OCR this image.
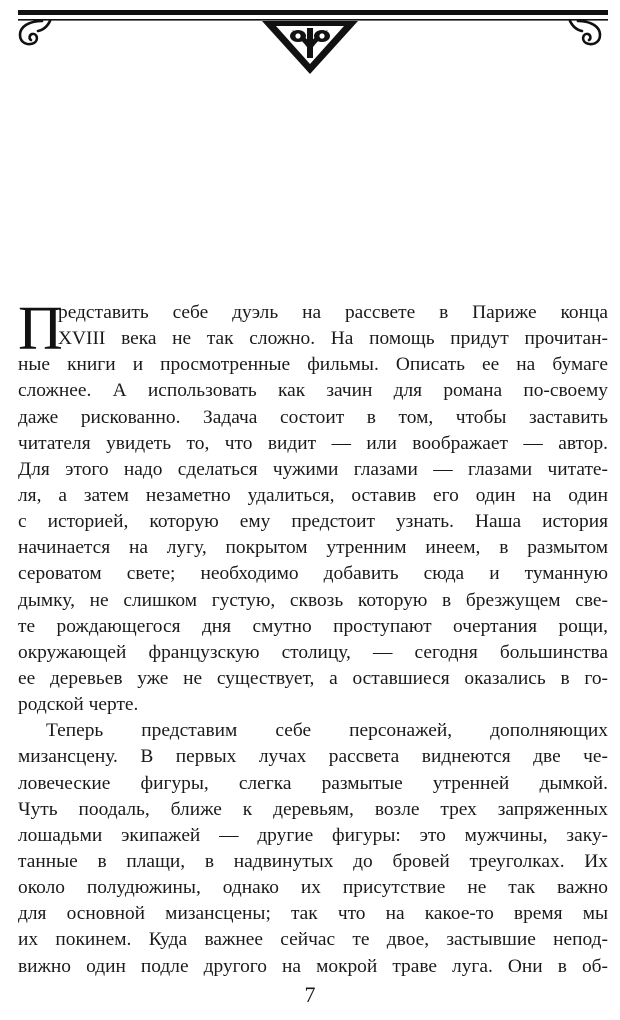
П
редставить себе дуэль на рассвете в Париже конца
XVIII века не так сложно. На помощь придут прочитан-
ные книги и просмотренные фильмы. Описать ее на бумаге
сложнее. А использовать как зачин для романа по-своему
даже рискованно. Задача состоит в том, чтобы заставить
читателя увидеть то, что видит — или воображает — автор.
Для этого надо сделаться чужими глазами — глазами читате-
ля, а затем незаметно удалиться, оставив его один на один
с историей, которую ему предстоит узнать. Наша история
начинается на лугу, покрытом утренним инеем, в размытом
сероватом свете; необходимо добавить сюда и туманную
дымку, не слишком густую, сквозь которую в брезжущем све-
те рождающегося дня смутно проступают очертания рощи,
окружающей французскую столицу, — сегодня большинства
ее деревьев уже не существует, а оставшиеся оказались в го-
родской черте.
Теперь представим себе персонажей, дополняющих
мизансцену. В первых лучах рассвета виднеются две че-
ловеческие фигуры, слегка размытые утренней дымкой.
Чуть поодаль, ближе к деревьям, возле трех запряженных
лошадьми экипажей — другие фигуры: это мужчины, заку-
танные в плащи, в надвинутых до бровей треуголках. Их
около полудюжины, однако их присутствие не так важно
для основной мизансцены; так что на какое-то время мы
их покинем. Куда важнее сейчас те двое, застывшие непод-
вижно один подле другого на мокрой траве луга. Они в об-
7
